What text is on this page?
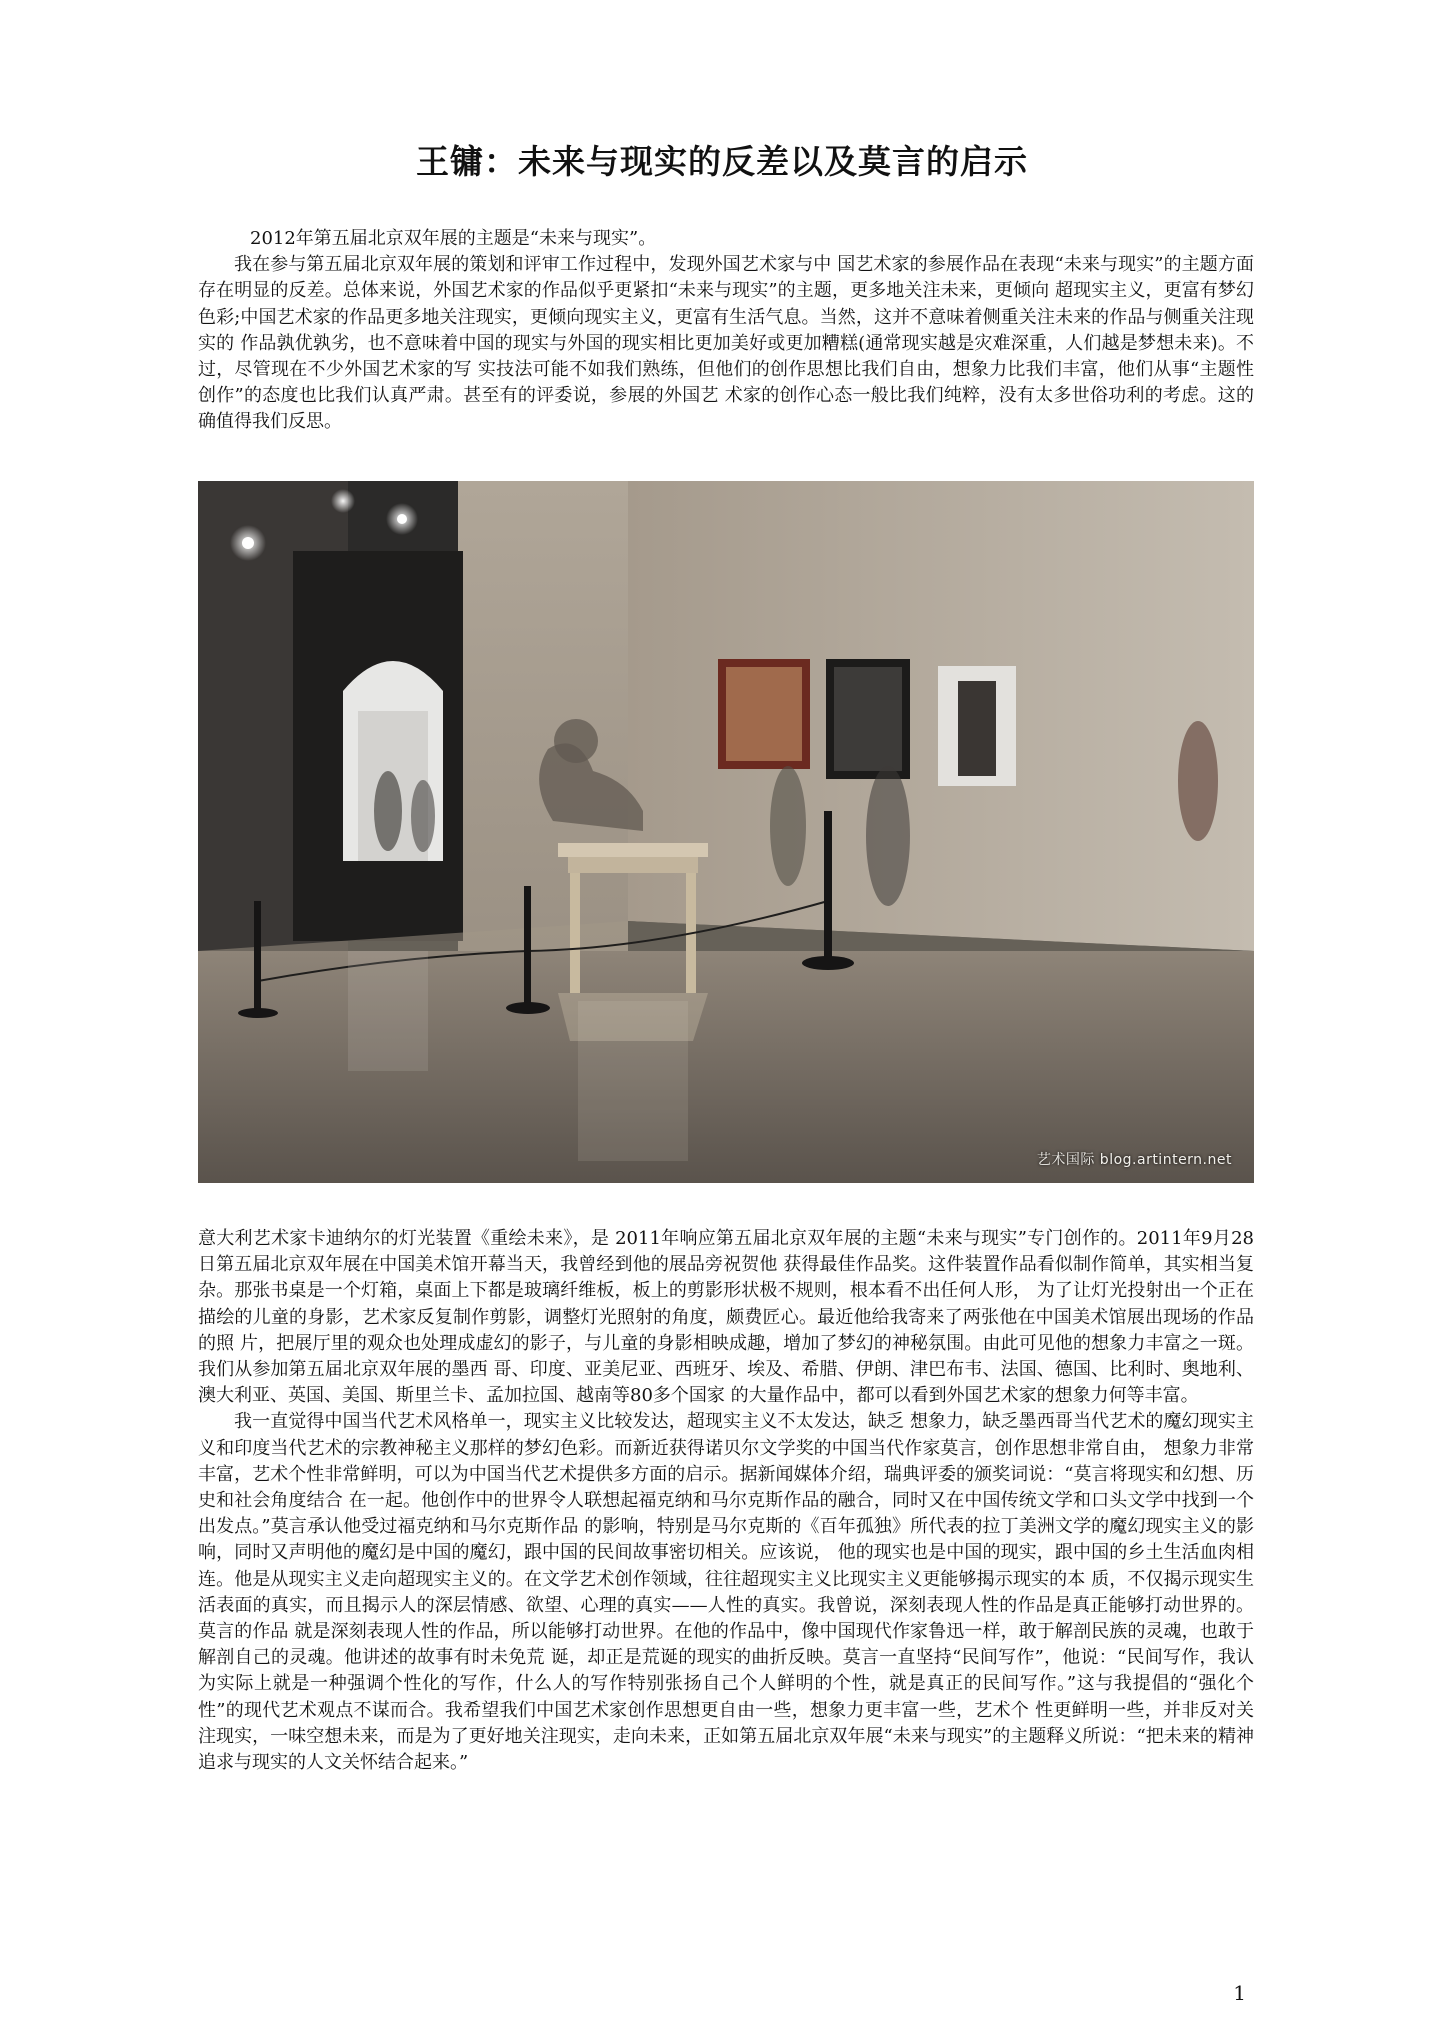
王镛：未来与现实的反差以及莫言的启示

2012年第五届北京双年展的主题是“未来与现实”。

我在参与第五届北京双年展的策划和评审工作过程中，发现外国艺术家与中 国艺术家的参展作品在表现“未来与现实”的主题方面存在明显的反差。总体来说，外国艺术家的作品似乎更紧扣“未来与现实”的主题，更多地关注未来，更倾向 超现实主义，更富有梦幻色彩;中国艺术家的作品更多地关注现实，更倾向现实主义，更富有生活气息。当然，这并不意味着侧重关注未来的作品与侧重关注现实的 作品孰优孰劣，也不意味着中国的现实与外国的现实相比更加美好或更加糟糕(通常现实越是灾难深重，人们越是梦想未来)。不过，尽管现在不少外国艺术家的写 实技法可能不如我们熟练，但他们的创作思想比我们自由，想象力比我们丰富，他们从事“主题性创作”的态度也比我们认真严肃。甚至有的评委说，参展的外国艺 术家的创作心态一般比我们纯粹，没有太多世俗功利的考虑。这的确值得我们反思。

艺术国际 blog.artintern.net

意大利艺术家卡迪纳尔的灯光装置《重绘未来》，是 2011年响应第五届北京双年展的主题“未来与现实”专门创作的。2011年9月28日第五届北京双年展在中国美术馆开幕当天，我曾经到他的展品旁祝贺他 获得最佳作品奖。这件装置作品看似制作简单，其实相当复杂。那张书桌是一个灯箱，桌面上下都是玻璃纤维板，板上的剪影形状极不规则，根本看不出任何人形， 为了让灯光投射出一个正在描绘的儿童的身影，艺术家反复制作剪影，调整灯光照射的角度，颇费匠心。最近他给我寄来了两张他在中国美术馆展出现场的作品的照 片，把展厅里的观众也处理成虚幻的影子，与儿童的身影相映成趣，增加了梦幻的神秘氛围。由此可见他的想象力丰富之一斑。我们从参加第五届北京双年展的墨西 哥、印度、亚美尼亚、西班牙、埃及、希腊、伊朗、津巴布韦、法国、德国、比利时、奥地利、澳大利亚、英国、美国、斯里兰卡、孟加拉国、越南等80多个国家 的大量作品中，都可以看到外国艺术家的想象力何等丰富。

我一直觉得中国当代艺术风格单一，现实主义比较发达，超现实主义不太发达，缺乏 想象力，缺乏墨西哥当代艺术的魔幻现实主义和印度当代艺术的宗教神秘主义那样的梦幻色彩。而新近获得诺贝尔文学奖的中国当代作家莫言，创作思想非常自由， 想象力非常丰富，艺术个性非常鲜明，可以为中国当代艺术提供多方面的启示。据新闻媒体介绍，瑞典评委的颁奖词说：“莫言将现实和幻想、历史和社会角度结合 在一起。他创作中的世界令人联想起福克纳和马尔克斯作品的融合，同时又在中国传统文学和口头文学中找到一个出发点。”莫言承认他受过福克纳和马尔克斯作品 的影响，特别是马尔克斯的《百年孤独》所代表的拉丁美洲文学的魔幻现实主义的影响，同时又声明他的魔幻是中国的魔幻，跟中国的民间故事密切相关。应该说， 他的现实也是中国的现实，跟中国的乡土生活血肉相连。他是从现实主义走向超现实主义的。在文学艺术创作领域，往往超现实主义比现实主义更能够揭示现实的本 质，不仅揭示现实生活表面的真实，而且揭示人的深层情感、欲望、心理的真实——人性的真实。我曾说，深刻表现人性的作品是真正能够打动世界的。莫言的作品 就是深刻表现人性的作品，所以能够打动世界。在他的作品中，像中国现代作家鲁迅一样，敢于解剖民族的灵魂，也敢于解剖自己的灵魂。他讲述的故事有时未免荒 诞，却正是荒诞的现实的曲折反映。莫言一直坚持“民间写作”，他说：“民间写作，我认为实际上就是一种强调个性化的写作，什么人的写作特别张扬自己个人鲜明的个性，就是真正的民间写作。”这与我提倡的“强化个性”的现代艺术观点不谋而合。我希望我们中国艺术家创作思想更自由一些，想象力更丰富一些，艺术个 性更鲜明一些，并非反对关注现实，一味空想未来，而是为了更好地关注现实，走向未来，正如第五届北京双年展“未来与现实”的主题释义所说：“把未来的精神 追求与现实的人文关怀结合起来。”

1
